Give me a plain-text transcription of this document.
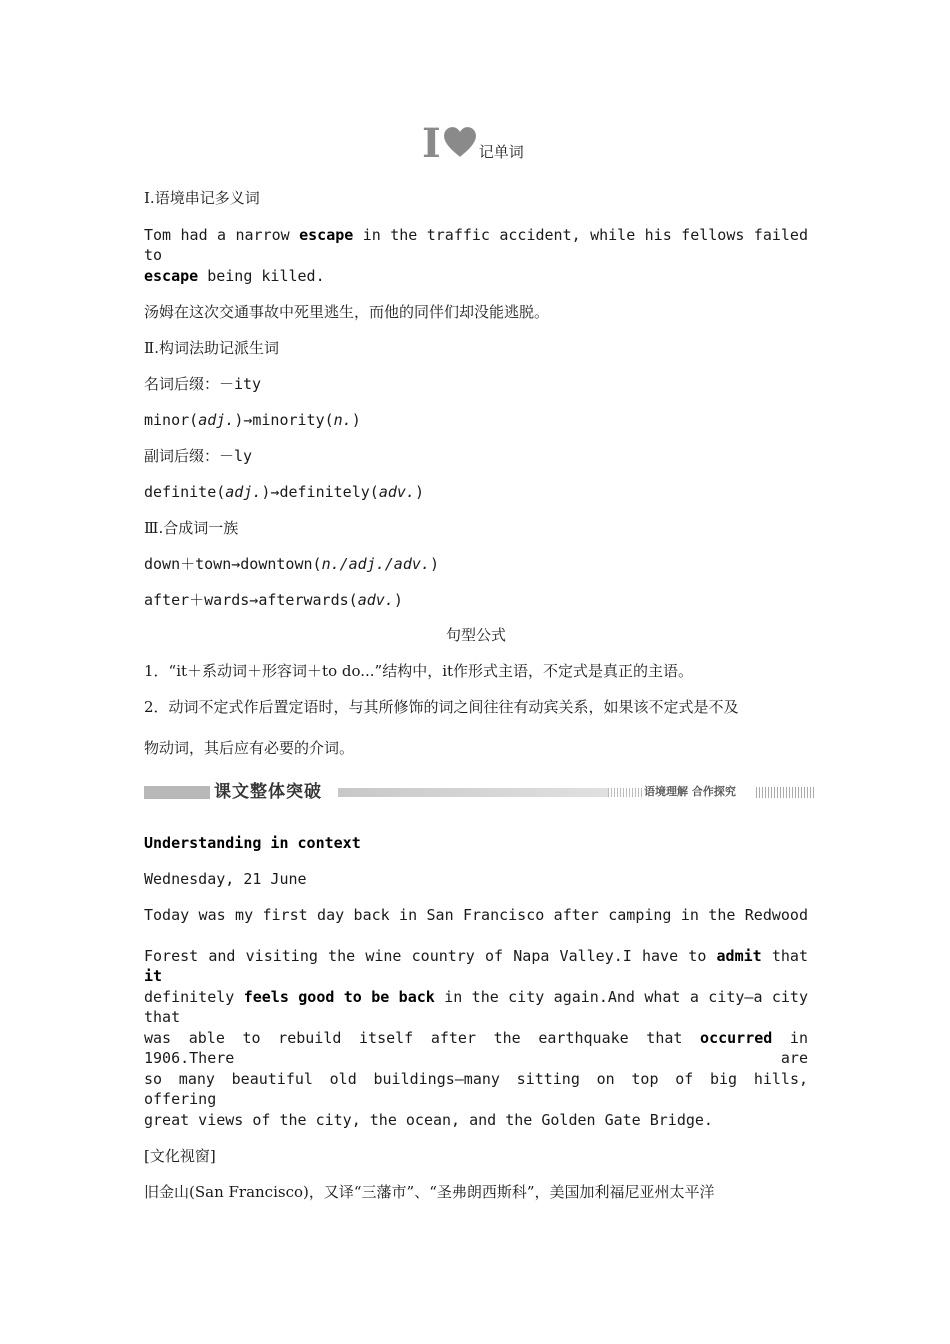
I	记单词
Ⅰ.语境串记多义词
Tom had a narrow escape in the traffic accident, while his fellows failed to
escape being killed.
汤姆在这次交通事故中死里逃生，而他的同伴们却没能逃脱。
Ⅱ.构词法助记派生词
名词后缀：－ity
minor(adj.)→minority(n.)
副词后缀：－ly
definite(adj.)→definitely(adv.)
Ⅲ.合成词一族
down＋town→downtown(n./adj./adv.)
after＋wards→afterwards(adv.)
句型公式
1．“it＋系动词＋形容词＋to do...”结构中，it作形式主语，不定式是真正的主语。
2．动词不定式作后置定语时，与其所修饰的词之间往往有动宾关系，如果该不定式是不及
物动词，其后应有必要的介词。
课文整体突破	语境理解 合作探究
Understanding in context
Wednesday, 21 June
Today was my first day back in San Francisco after camping in the Redwood
Forest and visiting the wine country of Napa Valley.I have to admit that it
definitely feels good to be back in the city again.And what a city—a city that
was able to rebuild itself after the earthquake that occurred in 1906.There are
so many beautiful old buildings—many sitting on top of big hills, offering
great views of the city, the ocean, and the Golden Gate Bridge.
[文化视窗]
旧金山(San Francisco)，又译“三藩市”、“圣弗朗西斯科”，美国加利福尼亚州太平洋
